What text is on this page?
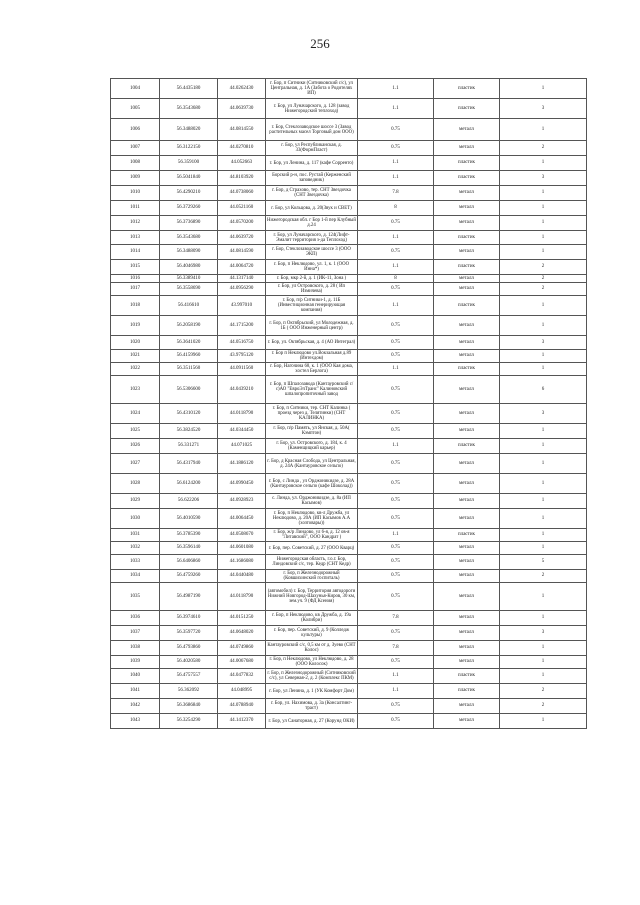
256
1004	56.4435180	44.0262430	г. Бор, п Ситники (Ситниковский с/с), ул Центральная, д. 1А (Забота о Родителях ИП)	1.1	пластик	1
1005	56.3543680	44.0639730	г. Бор, ул Луначарского, д. 128 (завод Нижегородский теплоход)	1.1	пластик	3
1006	56.3488020	44.0814550	г. Бор, Стеклозаводское шоссе 3 (Завод растительных масел Торговый дом ООО)	0.75	металл	1
1007	56.3122150	44.0270810	г. Бор, ул Республиканская, д. 33(ФормПласт)	0.75	металл	2
1008	56.359100	44.052663	г. Бор, ул Ленина, д. 117 (кафе Сорренто)	1.1	пластик	1
1009	56.5041840	44.8103920	Борский р-н, пос. Рустай (Керженский заповедник)	1.1	пластик	3
1010	56.4290210	44.0738060	г. Бор, д Страхово, тер. СНТ Звездочка (СНТ Звездочка)	7.8	металл	1
1011	56.3729260	44.0521160	г. Бор, ул Кольцова, д. 20(Звук и СВЕТ)	8	металл	1
1012	56.3736890	44.0570200	Нижегородская обл. г Бор 1-й пер Клубный д.24	0.75	металл	1
1013	56.3543680	44.0639720	г. Бор, ул Луначарского, д. 124(Лифт-Эмалит территория з-да Теплоход)	1.1	пластик	1
1014	56.3488090	44.0814590	г. Бор, Стеклозаводское шоссе 3 (ООО ЭКП)	0.75	металл	1
1015	56.4046980	44.0064720	г. Бор, п Неклюдово, ул. 1, к. 1 (ООО Инна*)	1.1	пластик	2
1016	56.3389410	44.1317140	г. Бор, мкр 2-й, д. 1 (ИК-11, Зона )	8	металл	2
1017	56.3558690	44.0956290	г. Бор, ул Островского, д. 28 ( Ип Измичева)	0.75	металл	2
1018	56.416610	43.997010	г. Бор, п/р Ситники-1, д. 11Б (Инвестиционная генерирующая компания)	1.1	пластик	1
1019	56.2058190	44.1715200	г. Бор, п Октябрьский, ул Молодежная, д. 1Б ( ООО Инженерный центр)	0.75	металл	1
1020	56.3641020	44.0516750	г. Бор, ул. Октябрьская, д. 4 (АО Интеграл)	0.75	металл	3
1021	56.4159960	43.9795120	г. Бор п Неклюдово ул.Вокзальная д.89 (Интехдом)	0.75	металл	1
1022	56.3511560	44.0911560	г. Бор, Нагочина 68, к. 1 (ООО Кая дома, хостел Берлога)	1.1	пластик	1
1023	56.5306600	44.0439210	г. Бор, п Шпалозавода (Кантауровский с/с)АО "ЕвроЭлТранс" Калиновский шпалопропиточный завод	0.75	металл	6
1024	56.4310120	44.0118790	г. Бор, п Ситники, тер. СНТ Калинка ( проезд через д. Телятинки) (СНТ КАЛИНКА)	0.75	металл	3
1025	56.3824520	44.0344450	г. Бор, п/р Память, ул Янская, д. 50А( Кэмптон)	0.75	металл	1
1026	56.331271	44.071025	г. Бор, ул. Островского, д. 184, к. 4 (Каменщицкий карьер)	1.1	пластик	1
1027	56.4317940	44.1886120	г. Бор, д Красная Слобода, ул Центральная, д. 24А (Кантауровское сельпо)	0.75	металл	1
1028	56.6124200	44.0990450	г. Бор, с Линда , ул Орджоникидзе, д. 28А (Кантауровское сельпо (кафе Шоколад))	0.75	металл	1
1029	56.622206	44.0928923	с. Линда, ул. Орджоникидзе, д. 8а (ИП Касымов)	0.75	металл	1
1030	56.4010590	44.0064450	г. Бор, п Неклюдово, кв-л Дружба, ул Неклюдово, д. 20А (ИП Касымов А.А (хозтовары))	0.75	металл	1
1031	56.3785390	44.0508670	г. Бор, ж/р Линдово, ул 6-я, д. 12 ов-я "Литавский", ООО Кандрат )	1.1	пластик	1
1032	56.3596140	44.0601080	г. Бор, пер. Советский, д. 27 (ООО Кварц)	0.75	металл	1
1033	56.6406860	44.1686080	Нижегородская область, г.о.г. Бор, Линдовский с/с, тер. Кедр (СНТ Кедр)	0.75	металл	5
1034	56.4759260	44.0440480	г. Бор, п Железнодорожный (Ковшихинский госпиталь)	0.75	металл	2
1035	56.4987190	44.0118790	(автомобил) г. Бор, Территория автодороги Нижний Новгород-Шахунья-Киров, 30 км, зем.уч. 9 (ФД Ксения)	0.75	металл	1
1036	56.3974610	44.0151250	г. Бор, п Неклюдово, кв Дружба, д. 19а (Колибри)	7.8	металл	1
1037	56.3597720	44.0648020	г. Бор, пер. Советский, д. 9 (Колледж культуры)	0.75	металл	3
1038	56.4793860	44.0749860	Кантауровский с/с, 0,5 км от д. Зуево (СНТ Колос)	7.8	металл	1
1039	56.4020580	44.0067680	г. Бор, п Неклюдово, ул Неклюдово, д. 28 (ООО Колосок)	0.75	металл	1
1040	56.4757557	44.0477832	г. Бор, п Железнодорожный (Ситниковский с/с), ул Северная-2, д. 2 (Комплекс ПКМ)	1.1	пластик	1
1041	56.362092	44.048995	г. Бор, ул Ленина, д. 1 (УК Комфорт Дом)	1.1	пластик	2
1042	56.3686840	44.0788940	г. Бор, ул. Нахимова, д. 3а (Консалтинг-траст)	0.75	металл	2
1043	56.3254290	44.1412370	г. Бор, ул Санаторная, д. 27 (Корунд ОКИ)	0.75	металл	1
